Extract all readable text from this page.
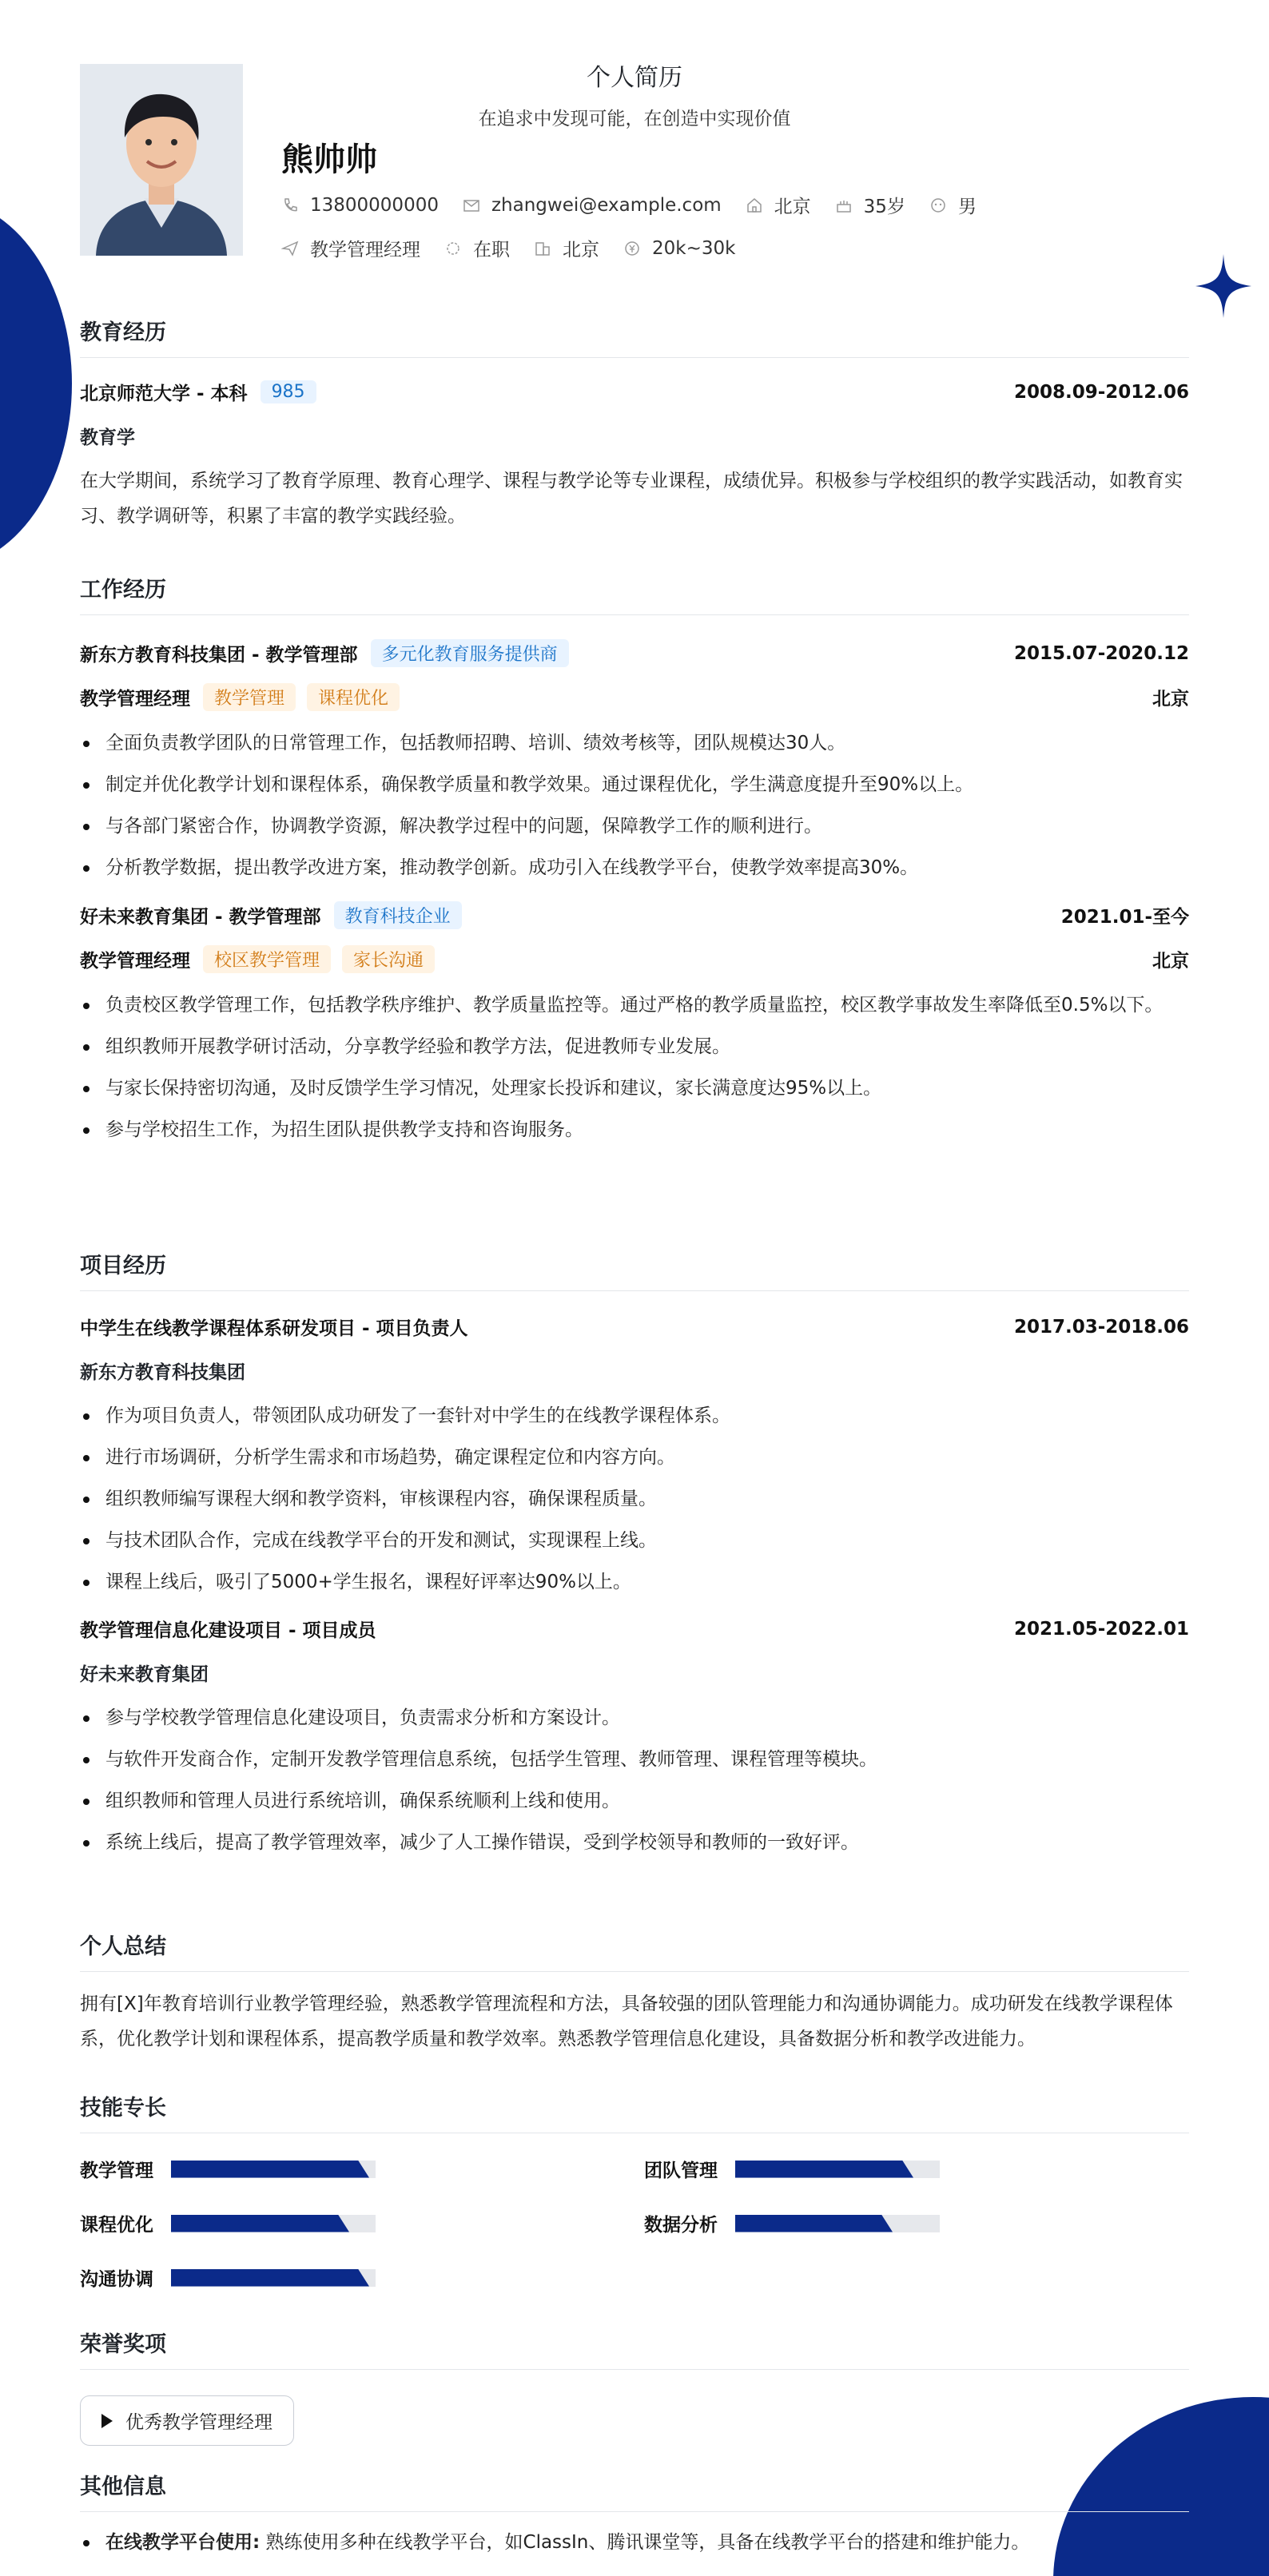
个人简历
在追求中发现可能，在创造中实现价值
熊帅帅
13800000000	zhangwei@example.com	北京	35岁	男
教学管理经理	在职	北京	20k~30k
教育经历
北京师范大学 - 本科	985	2008.09-2012.06
教育学
在大学期间，系统学习了教育学原理、教育心理学、课程与教学论等专业课程，成绩优异。积极参与学校组织的教学实践活动，如教育实习、教学调研等，积累了丰富的教学实践经验。
工作经历
新东方教育科技集团 - 教学管理部	多元化教育服务提供商	2015.07-2020.12
教学管理经理	教学管理	课程优化	北京
全面负责教学团队的日常管理工作，包括教师招聘、培训、绩效考核等，团队规模达30人。
制定并优化教学计划和课程体系，确保教学质量和教学效果。通过课程优化，学生满意度提升至90%以上。
与各部门紧密合作，协调教学资源，解决教学过程中的问题，保障教学工作的顺利进行。
分析教学数据，提出教学改进方案，推动教学创新。成功引入在线教学平台，使教学效率提高30%。
好未来教育集团 - 教学管理部	教育科技企业	2021.01-至今
教学管理经理	校区教学管理	家长沟通	北京
负责校区教学管理工作，包括教学秩序维护、教学质量监控等。通过严格的教学质量监控，校区教学事故发生率降低至0.5%以下。
组织教师开展教学研讨活动，分享教学经验和教学方法，促进教师专业发展。
与家长保持密切沟通，及时反馈学生学习情况，处理家长投诉和建议，家长满意度达95%以上。
参与学校招生工作，为招生团队提供教学支持和咨询服务。
项目经历
中学生在线教学课程体系研发项目 - 项目负责人	2017.03-2018.06
新东方教育科技集团
作为项目负责人，带领团队成功研发了一套针对中学生的在线教学课程体系。
进行市场调研，分析学生需求和市场趋势，确定课程定位和内容方向。
组织教师编写课程大纲和教学资料，审核课程内容，确保课程质量。
与技术团队合作，完成在线教学平台的开发和测试，实现课程上线。
课程上线后，吸引了5000+学生报名，课程好评率达90%以上。
教学管理信息化建设项目 - 项目成员	2021.05-2022.01
好未来教育集团
参与学校教学管理信息化建设项目，负责需求分析和方案设计。
与软件开发商合作，定制开发教学管理信息系统，包括学生管理、教师管理、课程管理等模块。
组织教师和管理人员进行系统培训，确保系统顺利上线和使用。
系统上线后，提高了教学管理效率，减少了人工操作错误，受到学校领导和教师的一致好评。
个人总结
拥有[X]年教育培训行业教学管理经验，熟悉教学管理流程和方法，具备较强的团队管理能力和沟通协调能力。成功研发在线教学课程体系，优化教学计划和课程体系，提高教学质量和教学效率。熟悉教学管理信息化建设，具备数据分析和教学改进能力。
技能专长
教学管理	团队管理
课程优化	数据分析
沟通协调
荣誉奖项
优秀教学管理经理
其他信息
在线教学平台使用: 熟练使用多种在线教学平台，如ClassIn、腾讯课堂等，具备在线教学平台的搭建和维护能力。
